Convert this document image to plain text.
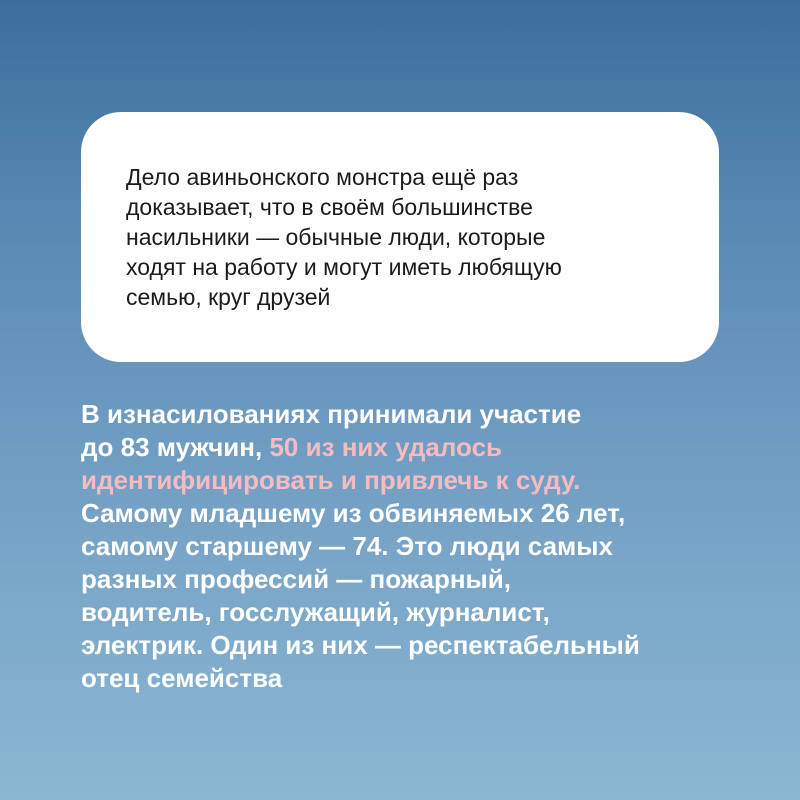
Дело авиньонского монстра ещё раз
доказывает, что в своём большинстве
насильники — обычные люди, которые
ходят на работу и могут иметь любящую
семью, круг друзей

В изнасилованиях принимали участие
до 83 мужчин, 50 из них удалось
идентифицировать и привлечь к суду.
Самому младшему из обвиняемых 26 лет,
самому старшему — 74. Это люди самых
разных профессий — пожарный,
водитель, госслужащий, журналист,
электрик. Один из них — респектабельный
отец семейства
